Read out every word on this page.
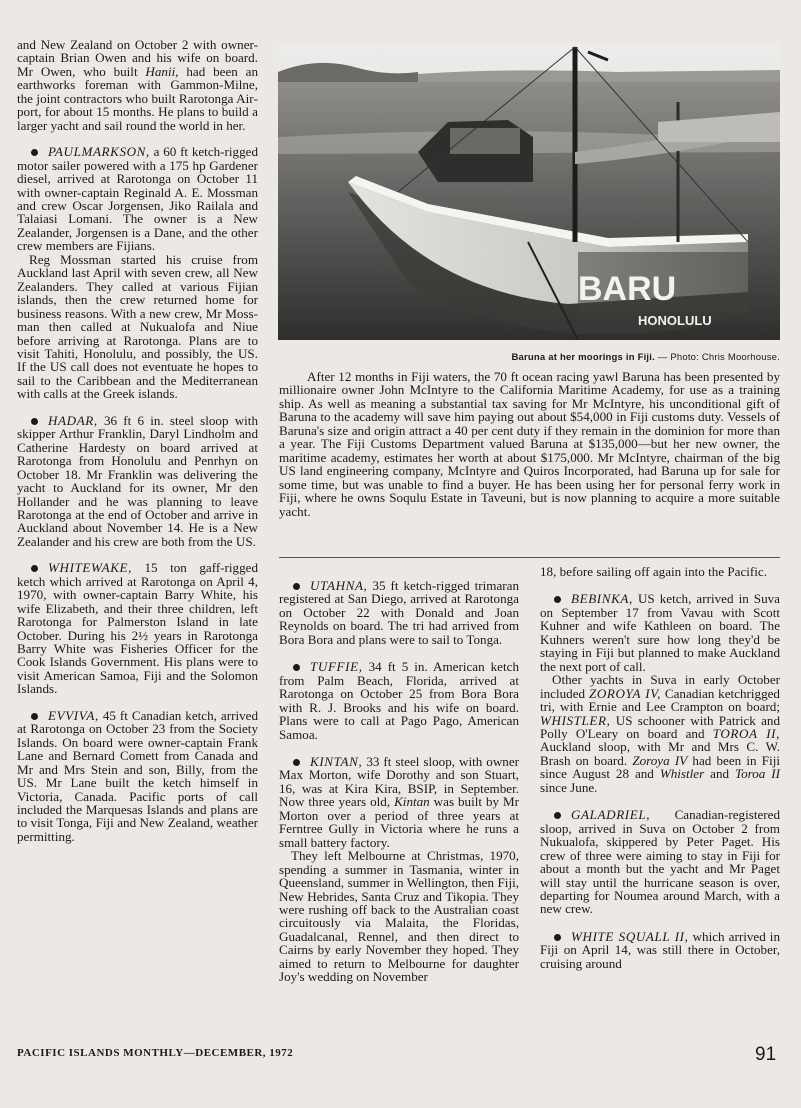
and New Zealand on October 2 with owner-captain Brian Owen and his wife on board. Mr Owen, who built Hanii, had been an earthworks foreman with Gammon-Milne, the joint contractors who built Rarotonga Airport, for about 15 months. He plans to build a larger yacht and sail round the world in her.

PAULMARKSON, a 60 ft ketch-rigged motor sailer powered with a 175 hp Gardener diesel, arrived at Rarotonga on October 11 with owner-captain Reginald A. E. Mossman and crew Oscar Jorgensen, Jiko Railala and Talaiasi Lomani. The owner is a New Zealander, Jorgensen is a Dane, and the other crew members are Fijians.

Reg Mossman started his cruise from Auckland last April with seven crew, all New Zealanders. They called at various Fijian islands, then the crew returned home for business reasons. With a new crew, Mr Mossman then called at Nukualofa and Niue before arriving at Rarotonga. Plans are to visit Tahiti, Honolulu, and possibly, the US. If the US call does not eventuate he hopes to sail to the Caribbean and the Mediterranean with calls at the Greek islands.

HADAR, 36 ft 6 in. steel sloop with skipper Arthur Franklin, Daryl Lindholm and Catherine Hardesty on board arrived at Rarotonga from Honolulu and Penrhyn on October 18. Mr Franklin was delivering the yacht to Auckland for its owner, Mr den Hollander and he was planning to leave Rarotonga at the end of October and arrive in Auckland about November 14. He is a New Zealander and his crew are both from the US.

WHITEWAKE, 15 ton gaff-rigged ketch which arrived at Rarotonga on April 4, 1970, with owner-captain Barry White, his wife Elizabeth, and their three children, left Rarotonga for Palmerston Island in late October. During his 2½ years in Rarotonga Barry White was Fisheries Officer for the Cook Islands Government. His plans were to visit American Samoa, Fiji and the Solomon Islands.

EVVIVA, 45 ft Canadian ketch, arrived at Rarotonga on October 23 from the Society Islands. On board were owner-captain Frank Lane and Bernard Comett from Canada and Mr and Mrs Stein and son, Billy, from the US. Mr Lane built the ketch himself in Victoria, Canada. Pacific ports of call included the Marquesas Islands and plans are to visit Tonga, Fiji and New Zealand, weather permitting.

BARU
HONOLULU
Baruna at her moorings in Fiji. — Photo: Chris Moorhouse.

After 12 months in Fiji waters, the 70 ft ocean racing yawl Baruna has been presented by millionaire owner John McIntyre to the California Maritime Academy, for use as a training ship. As well as meaning a substantial tax saving for Mr McIntyre, his unconditional gift of Baruna to the academy will save him paying out about $54,000 in Fiji customs duty. Vessels of Baruna's size and origin attract a 40 per cent duty if they remain in the dominion for more than a year. The Fiji Customs Department valued Baruna at $135,000—but her new owner, the maritime academy, estimates her worth at about $175,000. Mr McIntyre, chairman of the big US land engineering company, McIntyre and Quiros Incorporated, had Baruna up for sale for some time, but was unable to find a buyer. He has been using her for personal ferry work in Fiji, where he owns Soqulu Estate in Taveuni, but is now planning to acquire a more suitable yacht.

UTAHNA, 35 ft ketch-rigged trimaran registered at San Diego, arrived at Rarotonga on October 22 with Donald and Joan Reynolds on board. The tri had arrived from Bora Bora and plans were to sail to Tonga.

TUFFIE, 34 ft 5 in. American ketch from Palm Beach, Florida, arrived at Rarotonga on October 25 from Bora Bora with R. J. Brooks and his wife on board. Plans were to call at Pago Pago, American Samoa.

KINTAN, 33 ft steel sloop, with owner Max Morton, wife Dorothy and son Stuart, 16, was at Kira Kira, BSIP, in September. Now three years old, Kintan was built by Mr Morton over a period of three years at Ferntree Gully in Victoria where he runs a small battery factory.

They left Melbourne at Christmas, 1970, spending a summer in Tasmania, winter in Queensland, summer in Wellington, then Fiji, New Hebrides, Santa Cruz and Tikopia. They were rushing off back to the Australian coast circuitously via Malaita, the Floridas, Guadalcanal, Rennel, and then direct to Cairns by early November they hoped. They aimed to return to Melbourne for daughter Joy's wedding on November

18, before sailing off again into the Pacific.

BEBINKA, US ketch, arrived in Suva on September 17 from Vavau with Scott Kuhner and wife Kathleen on board. The Kuhners weren't sure how long they'd be staying in Fiji but planned to make Auckland the next port of call.

Other yachts in Suva in early October included ZOROYA IV, Canadian ketchrigged tri, with Ernie and Lee Crampton on board; WHISTLER, US schooner with Patrick and Polly O'Leary on board and TOROA II, Auckland sloop, with Mr and Mrs C. W. Brash on board. Zoroya IV had been in Fiji since August 28 and Whistler and Toroa II since June.

GALADRIEL, Canadian-registered sloop, arrived in Suva on October 2 from Nukualofa, skippered by Peter Paget. His crew of three were aiming to stay in Fiji for about a month but the yacht and Mr Paget will stay until the hurricane season is over, departing for Noumea around March, with a new crew.

WHITE SQUALL II, which arrived in Fiji on April 14, was still there in October, cruising around

PACIFIC ISLANDS MONTHLY—DECEMBER, 1972	91
